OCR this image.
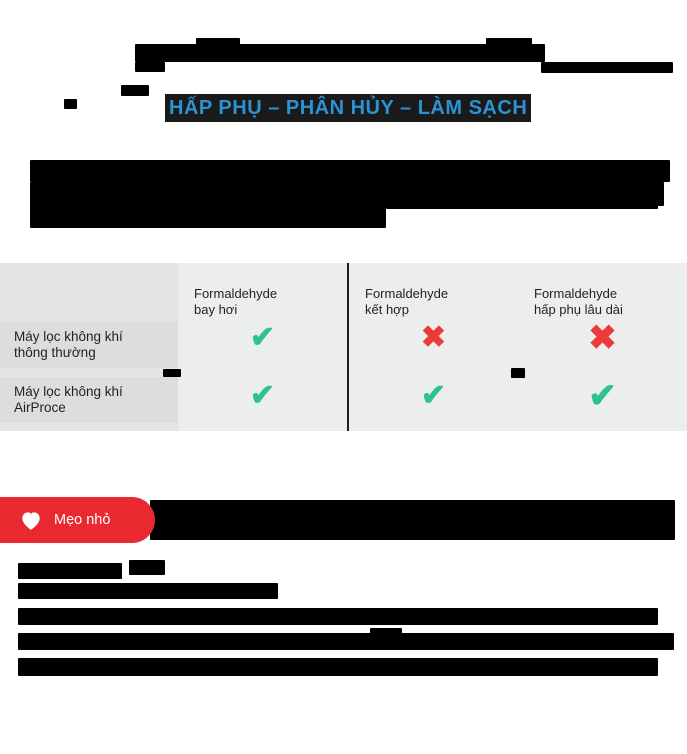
HẤP PHỤ – PHÂN HỦY – LÀM SẠCH
Máy lọc không khí
thông thường
Máy lọc không khí
AirProce
Formaldehyde
bay hơi
✔
✔
Formaldehyde
kết hợp
✖
✔
Formaldehyde
hấp phụ lâu dài
✖
✔
Mẹo nhỏ
